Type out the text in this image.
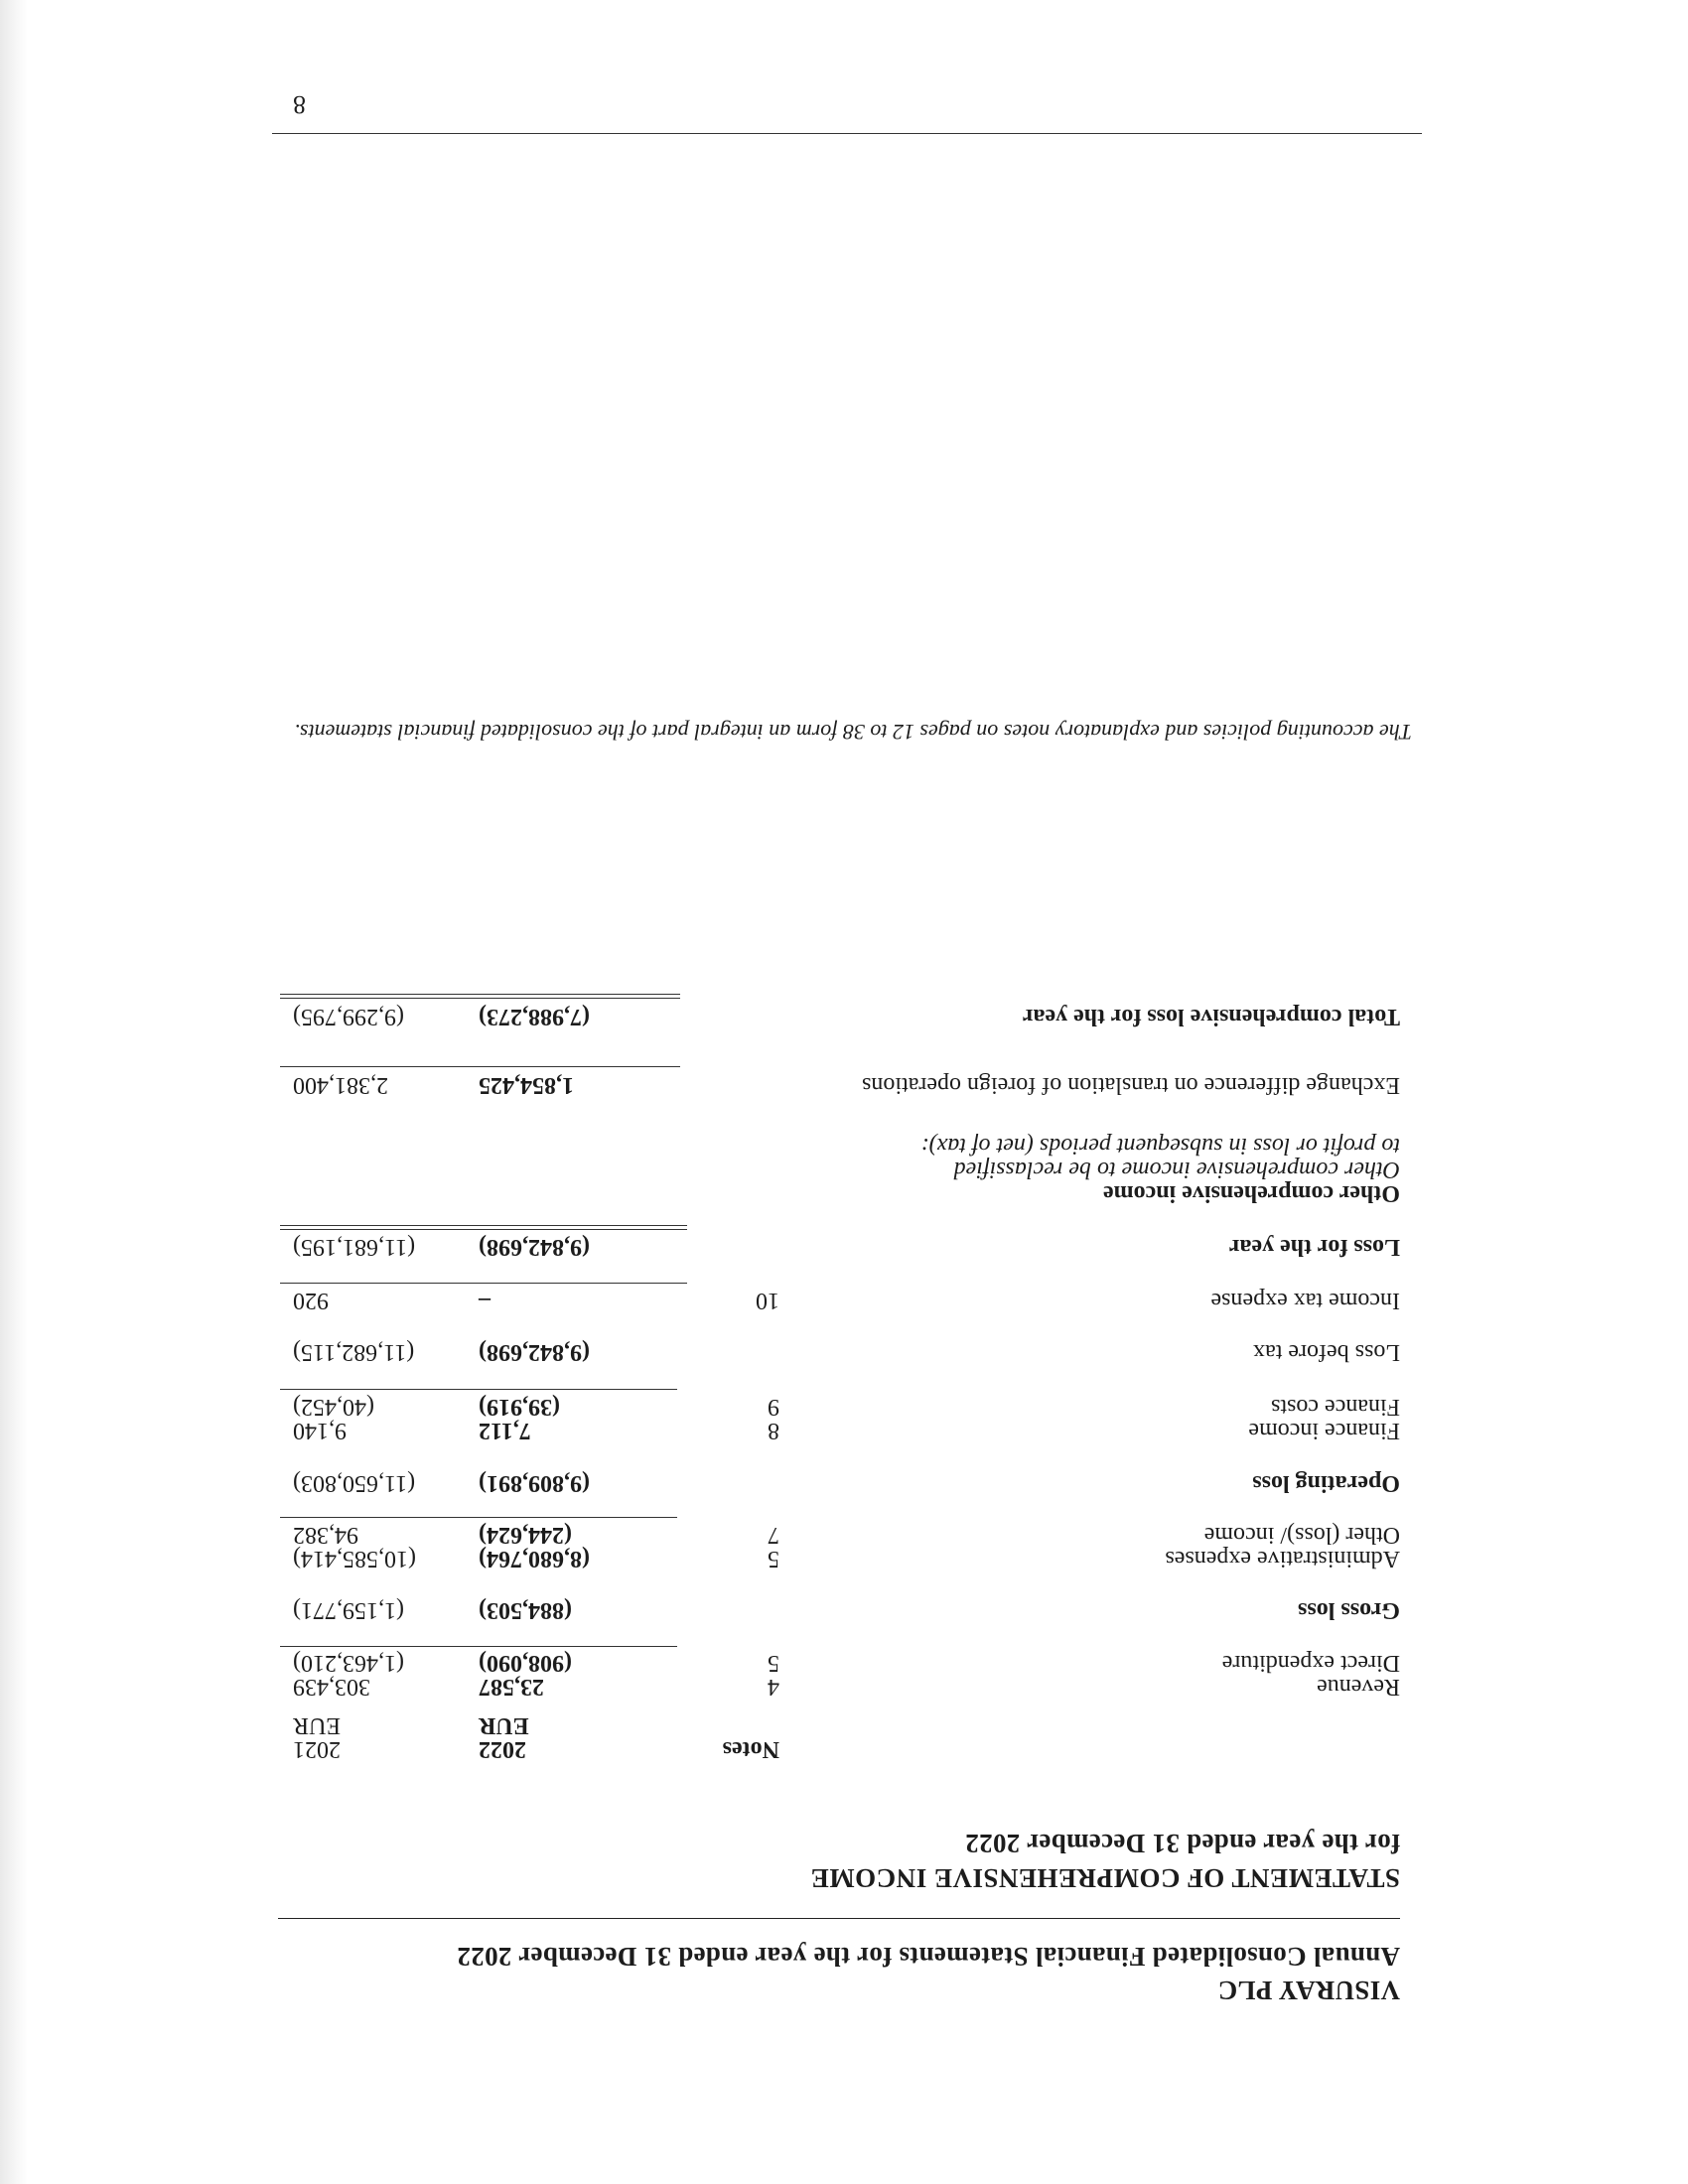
VISURAY PLC
Annual Consolidated Financial Statements for the year ended 31 December 2022
STATEMENT OF COMPREHENSIVE INCOME
for the year ended 31 December 2022
Notes
2022
2021
EUR
EUR
Revenue
4
23,587
303,439
Direct expenditure
5
(908,090)
(1,463,210)
Gross loss
(884,503)
(1,159,771)
Administrative expenses
5
(8,680,764)
(10,585,414)
Other (loss)/ income
7
(244,624)
94,382
Operating loss
(9,809,891)
(11,650,803)
Finance income
8
7,112
9,140
Finance costs
9
(39,919)
(40,452)
Loss before tax
(9,842,698)
(11,682,115)
Income tax expense
10
–
920
Loss for the year
(9,842,698)
(11,681,195)
Other comprehensive income
Other comprehensive income to be reclassified
to profit or loss in subsequent periods (net of tax):
Exchange difference on translation of foreign operations
1,854,425
2,381,400
Total comprehensive loss for the year
(7,988,273)
(9,299,795)
The accounting policies and explanatory notes on pages 12 to 38 form an integral part of the consolidated financial statements.
8
